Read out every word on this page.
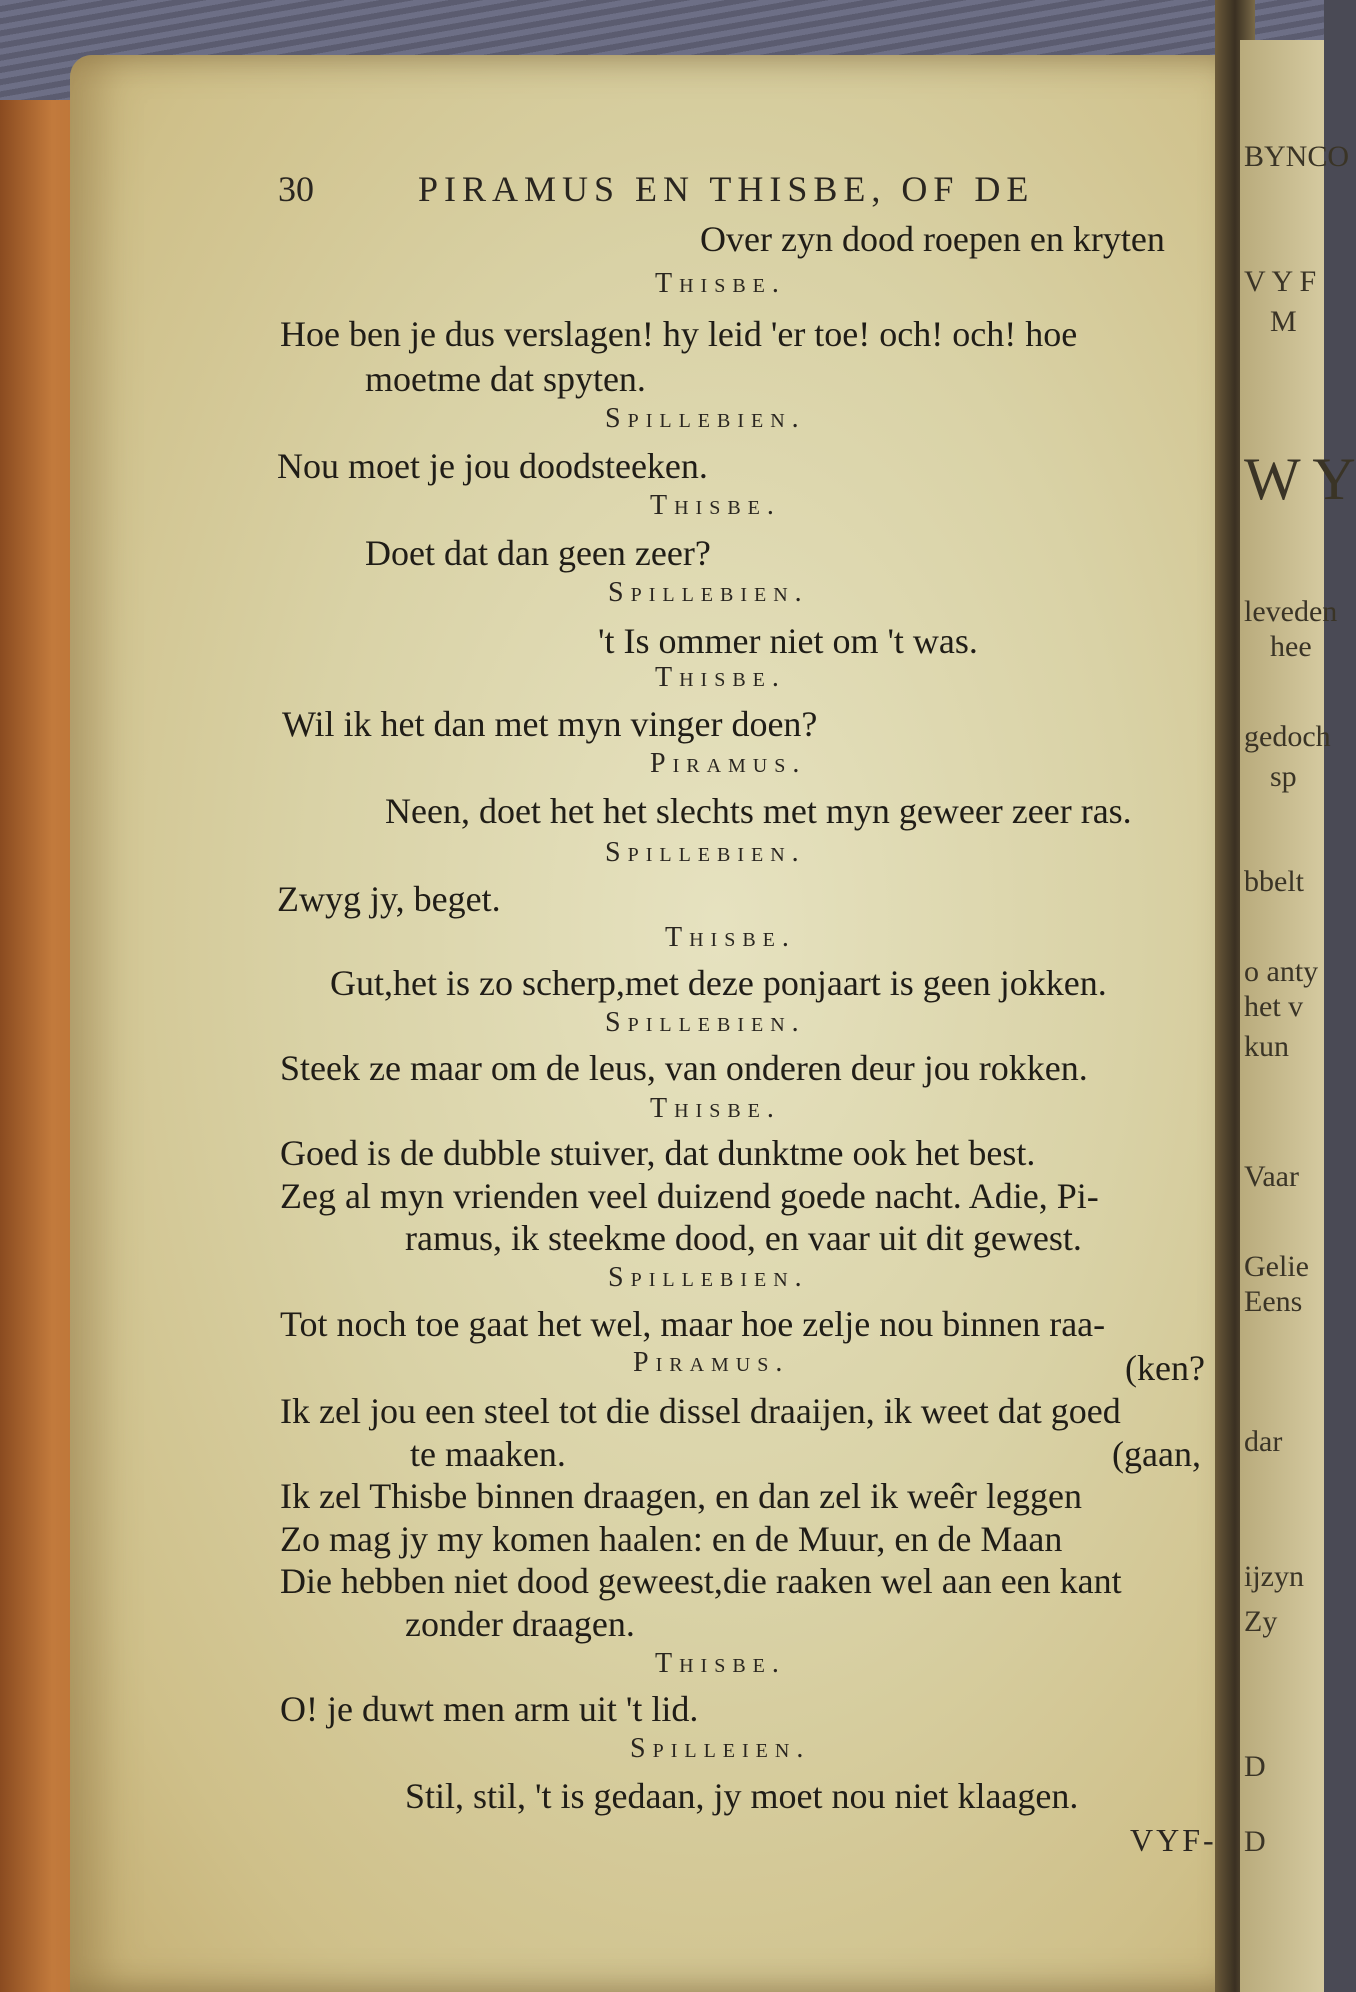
BYNCO
V Y F
M
W Y
leveden
hee
gedoch
sp
bbelt
o anty
het v
kun
Vaar
Gelie
Eens
dar
ijzyn
Zy
D
D
30	PIRAMUS EN THISBE, OF DE
Over zyn dood roepen en kryten
Thisbe.
Hoe ben je dus verslagen! hy leid 'er toe! och! och! hoe
moetme dat spyten.
Spillebien.
Nou moet je jou doodsteeken.
Thisbe.
Doet dat dan geen zeer?
Spillebien.
't Is ommer niet om 't was.
Thisbe.
Wil ik het dan met myn vinger doen?
Piramus.
Neen, doet het het slechts met myn geweer zeer ras.
Spillebien.
Zwyg jy, beget.
Thisbe.
Gut,het is zo scherp,met deze ponjaart is geen jokken.
Spillebien.
Steek ze maar om de leus, van onderen deur jou rokken.
Thisbe.
Goed is de dubble stuiver, dat dunktme ook het best.
Zeg al myn vrienden veel duizend goede nacht. Adie, Pi-
ramus, ik steekme dood, en vaar uit dit gewest.
Spillebien.
Tot noch toe gaat het wel, maar hoe zelje nou binnen raa-
Piramus.	(ken?
Ik zel jou een steel tot die dissel draaijen, ik weet dat goed
te maaken.	(gaan,
Ik zel Thisbe binnen draagen, en dan zel ik weêr leggen
Zo mag jy my komen haalen: en de Muur, en de Maan
Die hebben niet dood geweest,die raaken wel aan een kant
zonder draagen.
Thisbe.
O! je duwt men arm uit 't lid.
Spilleien.
Stil, stil, 't is gedaan, jy moet nou niet klaagen.
VYF-
